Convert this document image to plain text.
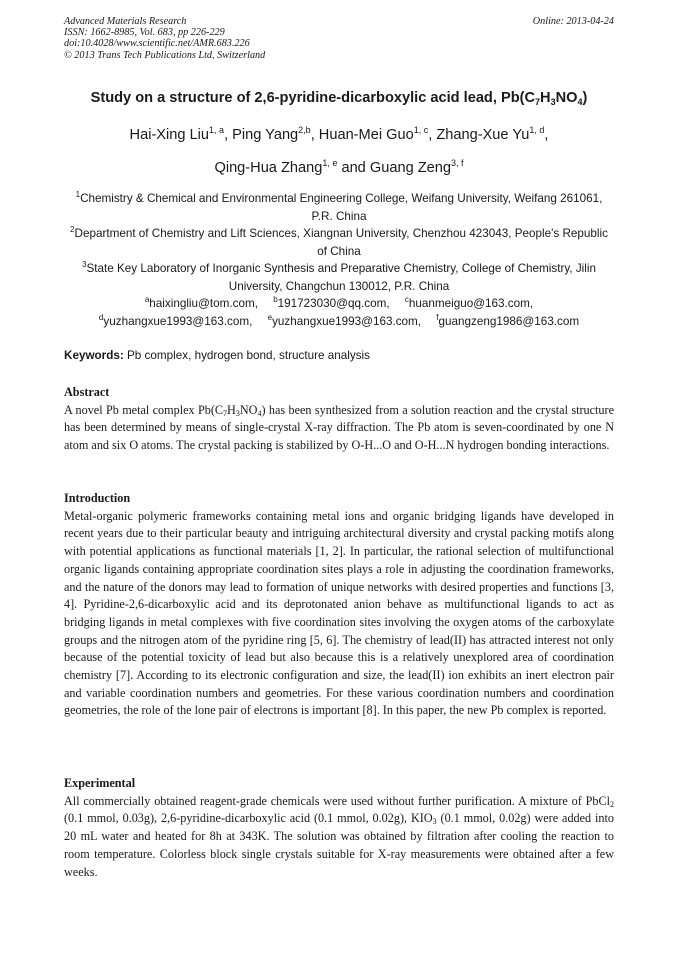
Advanced Materials Research
ISSN: 1662-8985, Vol. 683, pp 226-229
doi:10.4028/www.scientific.net/AMR.683.226
© 2013 Trans Tech Publications Ltd, Switzerland
Online: 2013-04-24
Study on a structure of 2,6-pyridine-dicarboxylic acid lead, $Pb(C_7H_3NO_4)$
Hai-Xing Liu$^{1, a}$, Ping Yang$^{2,b}$, Huan-Mei Guo$^{1, c}$, Zhang-Xue Yu$^{1, d}$,
Qing-Hua Zhang$^{1, e}$ and Guang Zeng$^{3, f}$
$^1$Chemistry & Chemical and Environmental Engineering College, Weifang University, Weifang 261061, P.R. China
$^2$Department of Chemistry and Lift Sciences, Xiangnan University, Chenzhou 423043, People's Republic of China
$^3$State Key Laboratory of Inorganic Synthesis and Preparative Chemistry, College of Chemistry, Jilin University, Changchun 130012, P.R. China
$^a$haixingliu@tom.com, $^b$191723030@qq.com, $^c$huanmeiguo@163.com,
$^d$yuzhangxue1993@163.com, $^e$yuzhangxue1993@163.com, $^f$guangzeng1986@163.com
Keywords: Pb complex, hydrogen bond, structure analysis
Abstract

A novel Pb metal complex $Pb(C_7H_3NO_4)$ has been synthesized from a solution reaction and the crystal structure has been determined by means of single-crystal X-ray diffraction. The Pb atom is seven-coordinated by one N atom and six O atoms. The crystal packing is stabilized by O-H...O and O-H...N hydrogen bonding interactions.

Introduction

Metal-organic polymeric frameworks containing metal ions and organic bridging ligands have developed in recent years due to their particular beauty and intriguing architectural diversity and crystal packing motifs along with potential applications as functional materials [1, 2]. In particular, the rational selection of multifunctional organic ligands containing appropriate coordination sites plays a role in adjusting the coordination frameworks, and the nature of the donors may lead to formation of unique networks with desired properties and functions [3, 4]. Pyridine-2,6-dicarboxylic acid and its deprotonated anion behave as multifunctional ligands to act as bridging ligands in metal complexes with five coordination sites involving the oxygen atoms of the carboxylate groups and the nitrogen atom of the pyridine ring [5, 6]. The chemistry of lead(II) has attracted interest not only because of the potential toxicity of lead but also because this is a relatively unexplored area of coordination chemistry [7]. According to its electronic configuration and size, the lead(II) ion exhibits an inert electron pair and variable coordination numbers and geometries. For these various coordination numbers and coordination geometries, the role of the lone pair of electrons is important [8]. In this paper, the new Pb complex is reported.

Experimental

All commercially obtained reagent-grade chemicals were used without further purification. A mixture of PbCl$_2$ (0.1 mmol, 0.03g), 2,6-pyridine-dicarboxylic acid (0.1 mmol, 0.02g), $KIO_3$ (0.1 mmol, 0.02g) were added into 20 mL water and heated for 8h at 343K. The solution was obtained by filtration after cooling the reaction to room temperature. Colorless block single crystals suitable for X-ray measurements were obtained after a few weeks.
